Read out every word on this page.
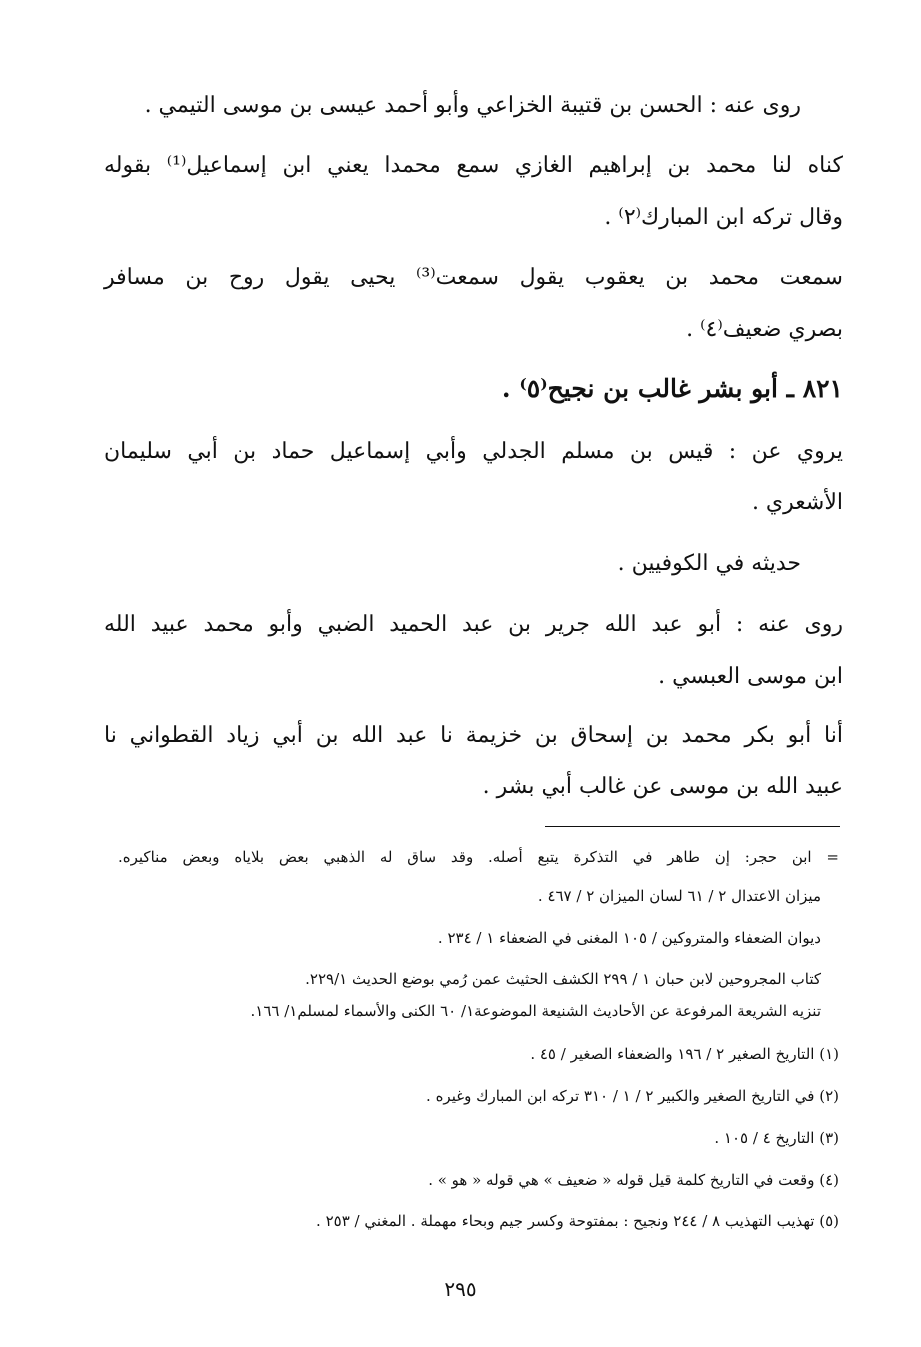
روى عنه : الحسن بن قتيبة الخزاعي وأبو أحمد عيسى بن موسى التيمي .
كناه لنا محمد بن إبراهيم الغازي سمع محمدا يعني ابن إسماعيل⁽¹⁾ بقوله
وقال تركه ابن المبارك⁽٢⁾ .
سمعت محمد بن يعقوب يقول سمعت⁽³⁾ يحيى يقول روح بن مسافر
بصري ضعيف⁽٤⁾ .
٨٢١ ـ أبو بشر غالب بن نجيح⁽٥⁾ .
يروي عن : قيس بن مسلم الجدلي وأبي إسماعيل حماد بن أبي سليمان
الأشعري .
حديثه في الكوفيين .
روى عنه : أبو عبد الله جرير بن عبد الحميد الضبي وأبو محمد عبيد الله
ابن موسى العبسي .
أنا أبو بكر محمد بن إسحاق بن خزيمة نا عبد الله بن أبي زياد القطواني نا
عبيد الله بن موسى عن غالب أبي بشر .
= ابن حجر: إن طاهر في التذكرة يتبع أصله. وقد ساق له الذهبي بعض بلاياه وبعض مناكيره.
ميزان الاعتدال ٢ / ٦١ لسان الميزان ٢ / ٤٦٧ .
ديوان الضعفاء والمتروكين / ١٠٥ المغنى في الضعفاء ١ / ٢٣٤ .
كتاب المجروحين لابن حبان ١ / ٢٩٩ الكشف الحثيث عمن رُمي بوضع الحديث ٢٢٩/١.
تنزيه الشريعة المرفوعة عن الأحاديث الشنيعة الموضوعة١/ ٦٠ الكنى والأسماء لمسلم١/ ١٦٦.
(١) التاريخ الصغير ٢ / ١٩٦ والضعفاء الصغير / ٤٥ .
(٢) في التاريخ الصغير والكبير ٢ / ١ / ٣١٠ تركه ابن المبارك وغيره .
(٣) التاريخ ٤ / ١٠٥ .
(٤) وقعت في التاريخ كلمة قيل قوله « ضعيف » هي قوله « هو » .
(٥) تهذيب التهذيب ٨ / ٢٤٤ ونجيح : بمفتوحة وكسر جيم وبحاء مهملة . المغني / ٢٥٣ .
٢٩٥
